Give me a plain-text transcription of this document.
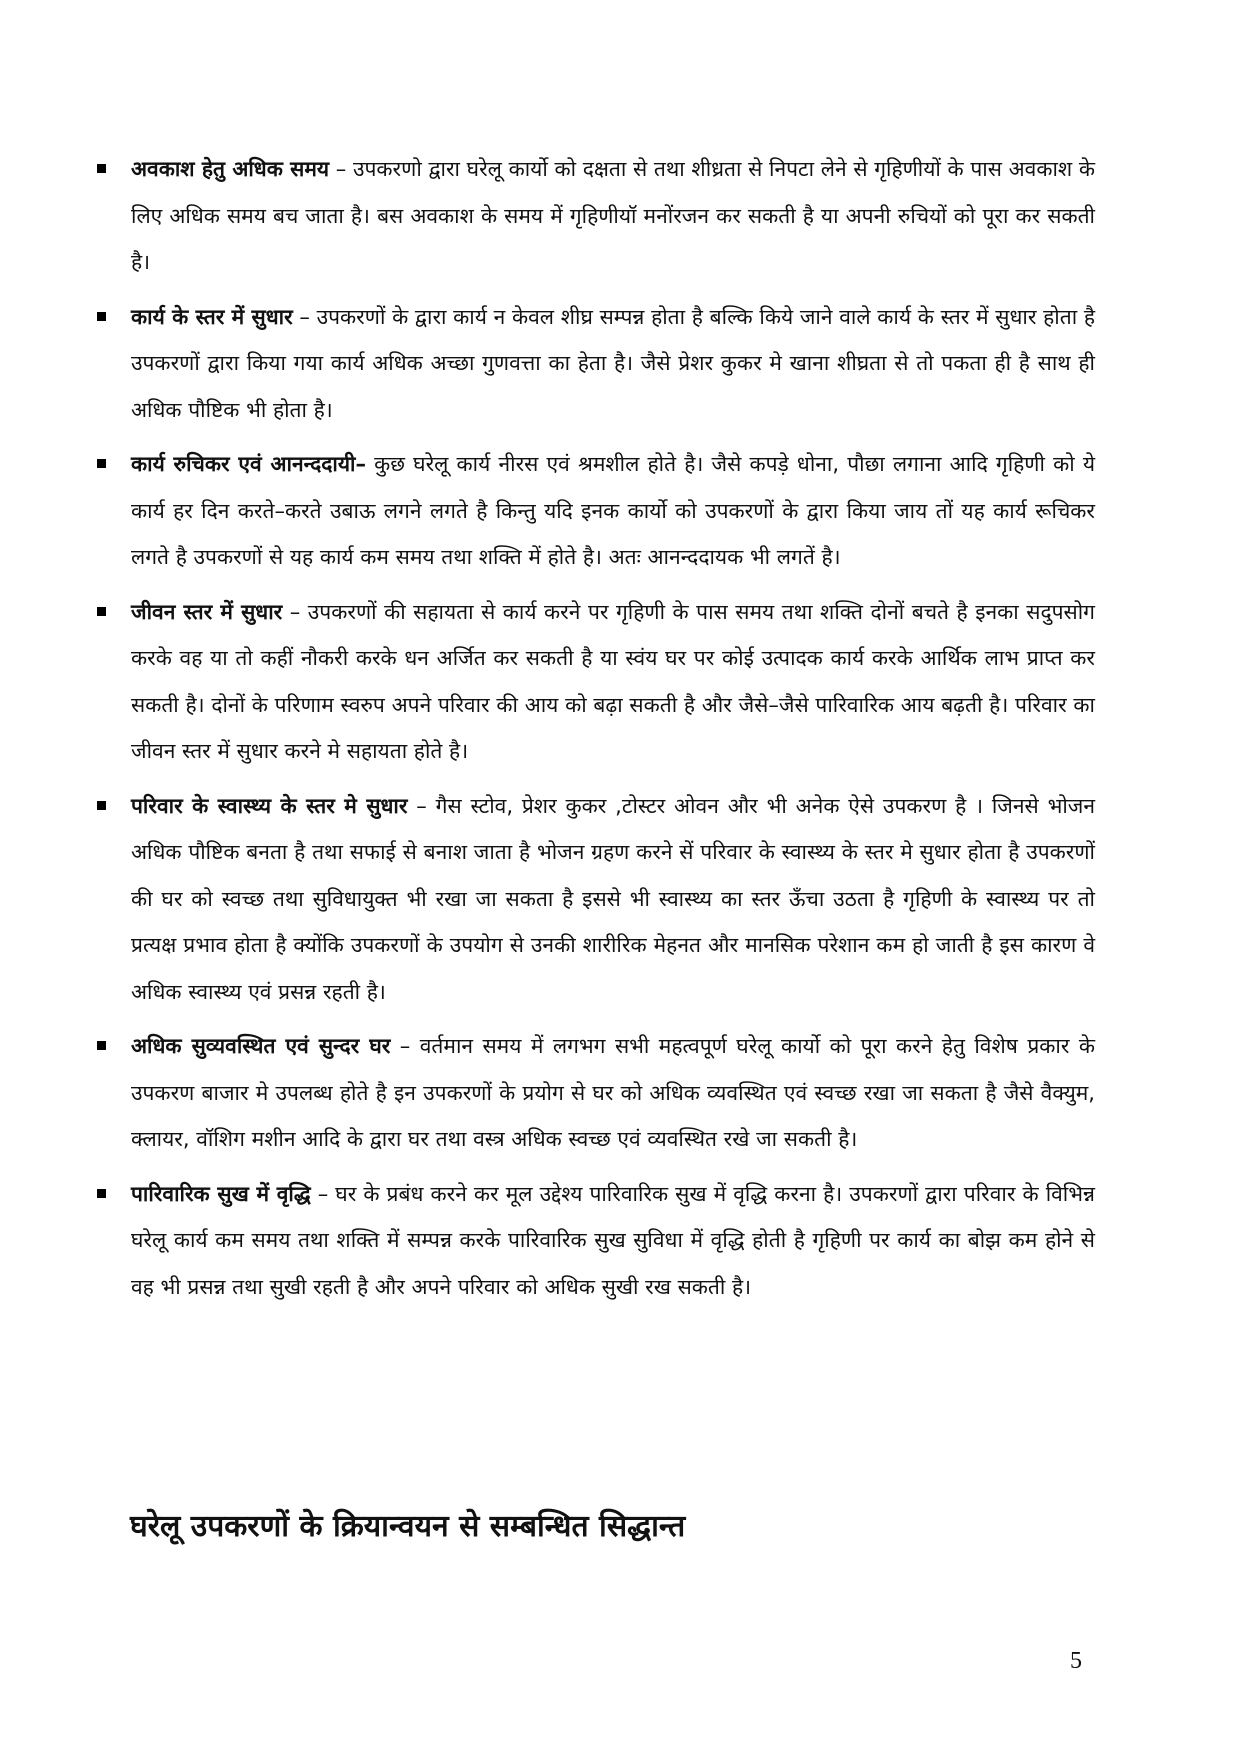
अवकाश हेतु अधिक समय – उपकरणो द्वारा घरेलू कार्यो को दक्षता से तथा शीध्रता से निपटा लेने से गृहिणीयों के पास अवकाश के लिए अधिक समय बच जाता है। बस अवकाश के समय में गृहिणीयॉ मनोंरजन कर सकती है या अपनी रुचियों को पूरा कर सकती है।
कार्य के स्तर में सुधार – उपकरणों के द्वारा कार्य न केवल शीघ्र सम्पन्न होता है बल्कि किये जाने वाले कार्य के स्तर में सुधार होता है उपकरणों द्वारा किया गया कार्य अधिक अच्छा गुणवत्ता का हेता है। जैसे प्रेशर कुकर मे खाना शीघ्रता से तो पकता ही है साथ ही अधिक पौष्टिक भी होता है।
कार्य रुचिकर एवं आनन्ददायी– कुछ घरेलू कार्य नीरस एवं श्रमशील होते है। जैसे कपड़े धोना, पौछा लगाना आदि गृहिणी को ये कार्य हर दिन करते–करते उबाऊ लगने लगते है किन्तु यदि इनक कार्यो को उपकरणों के द्वारा किया जाय तों यह कार्य रूचिकर लगते है उपकरणों से यह कार्य कम समय तथा शक्ति में होते है। अतः आनन्ददायक भी लगतें है।
जीवन स्तर में सुधार – उपकरणों की सहायता से कार्य करने पर गृहिणी के पास समय तथा शक्ति दोनों बचते है इनका सदुपसोग करके वह या तो कहीं नौकरी करके धन अर्जित कर सकती है या स्वंय घर पर कोई उत्पादक कार्य करके आर्थिक लाभ प्राप्त कर सकती है। दोनों के परिणाम स्वरुप अपने परिवार की आय को बढ़ा सकती है और जैसे–जैसे पारिवारिक आय बढ़ती है। परिवार का जीवन स्तर में सुधार करने मे सहायता होते है।
परिवार के स्वास्थ्य के स्तर मे सुधार – गैस स्टोव, प्रेशर कुकर ,टोस्टर ओवन और भी अनेक ऐसे उपकरण है । जिनसे भोजन अधिक पौष्टिक बनता है तथा सफाई से बनाश जाता है भोजन ग्रहण करने सें परिवार के स्वास्थ्य के स्तर मे सुधार होता है उपकरणों की घर को स्वच्छ तथा सुविधायुक्त भी रखा जा सकता है इससे भी स्वास्थ्य का स्तर ऊँचा उठता है गृहिणी के स्वास्थ्य पर तो प्रत्यक्ष प्रभाव होता है क्योंकि उपकरणों के उपयोग से उनकी शारीरिक मेहनत और मानसिक परेशान कम हो जाती है इस कारण वे अधिक स्वास्थ्य एवं प्रसन्न रहती है।
अधिक सुव्यवस्थित एवं सुन्दर घर – वर्तमान समय में लगभग सभी महत्वपूर्ण घरेलू कार्यो को पूरा करने हेतु विशेष प्रकार के उपकरण बाजार मे उपलब्ध होते है इन उपकरणों के प्रयोग से घर को अधिक व्यवस्थित एवं स्वच्छ रखा जा सकता है जैसे वैक्युम, क्लायर, वॉशिग मशीन आदि के द्वारा घर तथा वस्त्र अधिक स्वच्छ एवं व्यवस्थित रखे जा सकती है।
पारिवारिक सुख में वृद्धि – घर के प्रबंध करने कर मूल उद्देश्य पारिवारिक सुख में वृद्धि करना है। उपकरणों द्वारा परिवार के विभिन्न घरेलू कार्य कम समय तथा शक्ति में सम्पन्न करके पारिवारिक सुख सुविधा में वृद्धि होती है गृहिणी पर कार्य का बोझ कम होने से वह भी प्रसन्न तथा सुखी रहती है और अपने परिवार को अधिक सुखी रख सकती है।
घरेलू उपकरणों के क्रियान्वयन से सम्बन्धित सिद्धान्त
5
